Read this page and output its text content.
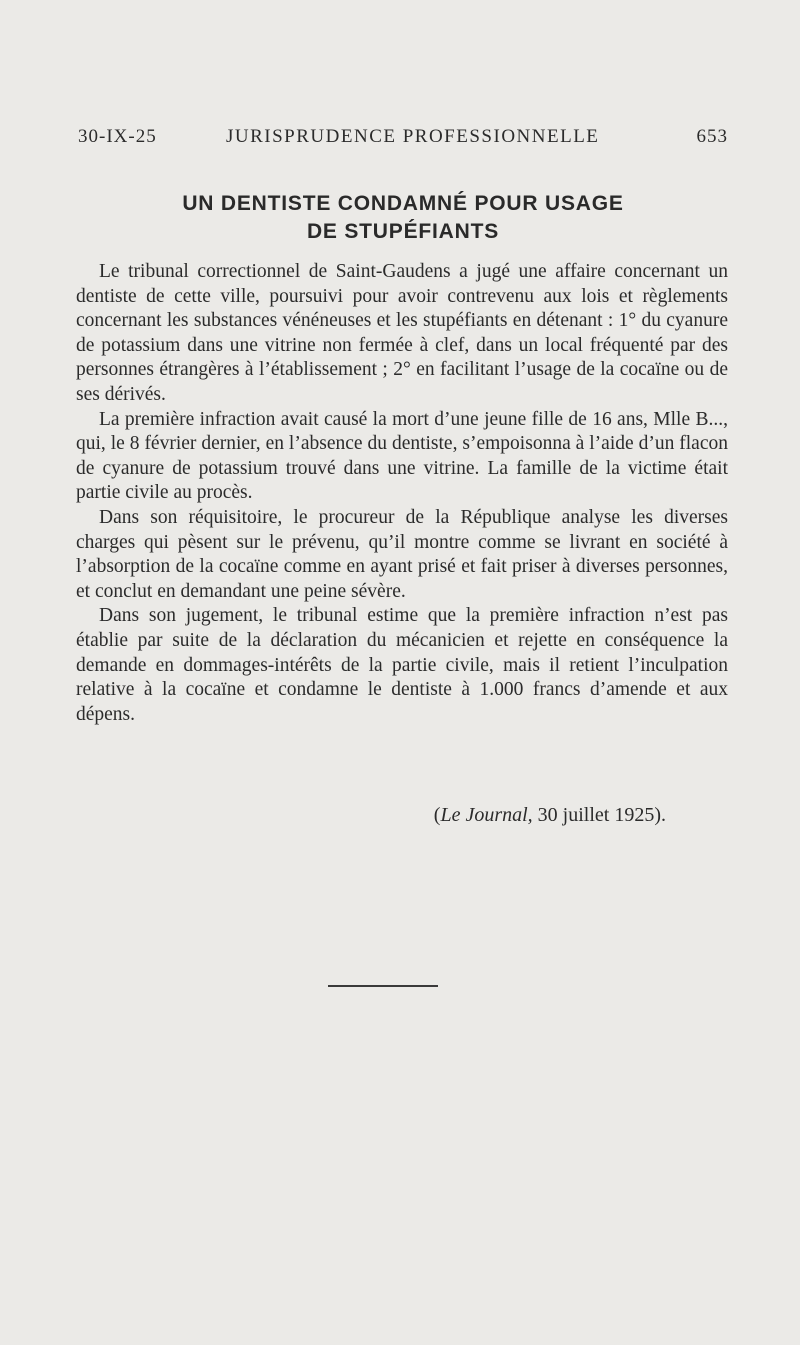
30-IX-25	JURISPRUDENCE PROFESSIONNELLE	653
UN DENTISTE CONDAMNÉ POUR USAGE
DE STUPÉFIANTS

Le tribunal correctionnel de Saint-Gaudens a jugé une affaire concernant un dentiste de cette ville, poursuivi pour avoir contrevenu aux lois et règlements concernant les substances vénéneuses et les stupéfiants en détenant : 1° du cyanure de potassium dans une vitrine non fermée à clef, dans un local fréquenté par des personnes étrangères à l’établissement ; 2° en facilitant l’usage de la cocaïne ou de ses dérivés.

La première infraction avait causé la mort d’une jeune fille de 16 ans, Mlle B..., qui, le 8 février dernier, en l’absence du dentiste, s’empoisonna à l’aide d’un flacon de cyanure de potassium trouvé dans une vitrine. La famille de la victime était partie civile au procès.

Dans son réquisitoire, le procureur de la République analyse les diverses charges qui pèsent sur le prévenu, qu’il montre comme se livrant en société à l’absorption de la cocaïne comme en ayant prisé et fait priser à diverses personnes, et conclut en demandant une peine sévère.

Dans son jugement, le tribunal estime que la première infraction n’est pas établie par suite de la déclaration du mécanicien et rejette en conséquence la demande en dommages-intérêts de la partie civile, mais il retient l’inculpation relative à la cocaïne et condamne le dentiste à 1.000 francs d’amende et aux dépens.

(Le Journal, 30 juillet 1925).
